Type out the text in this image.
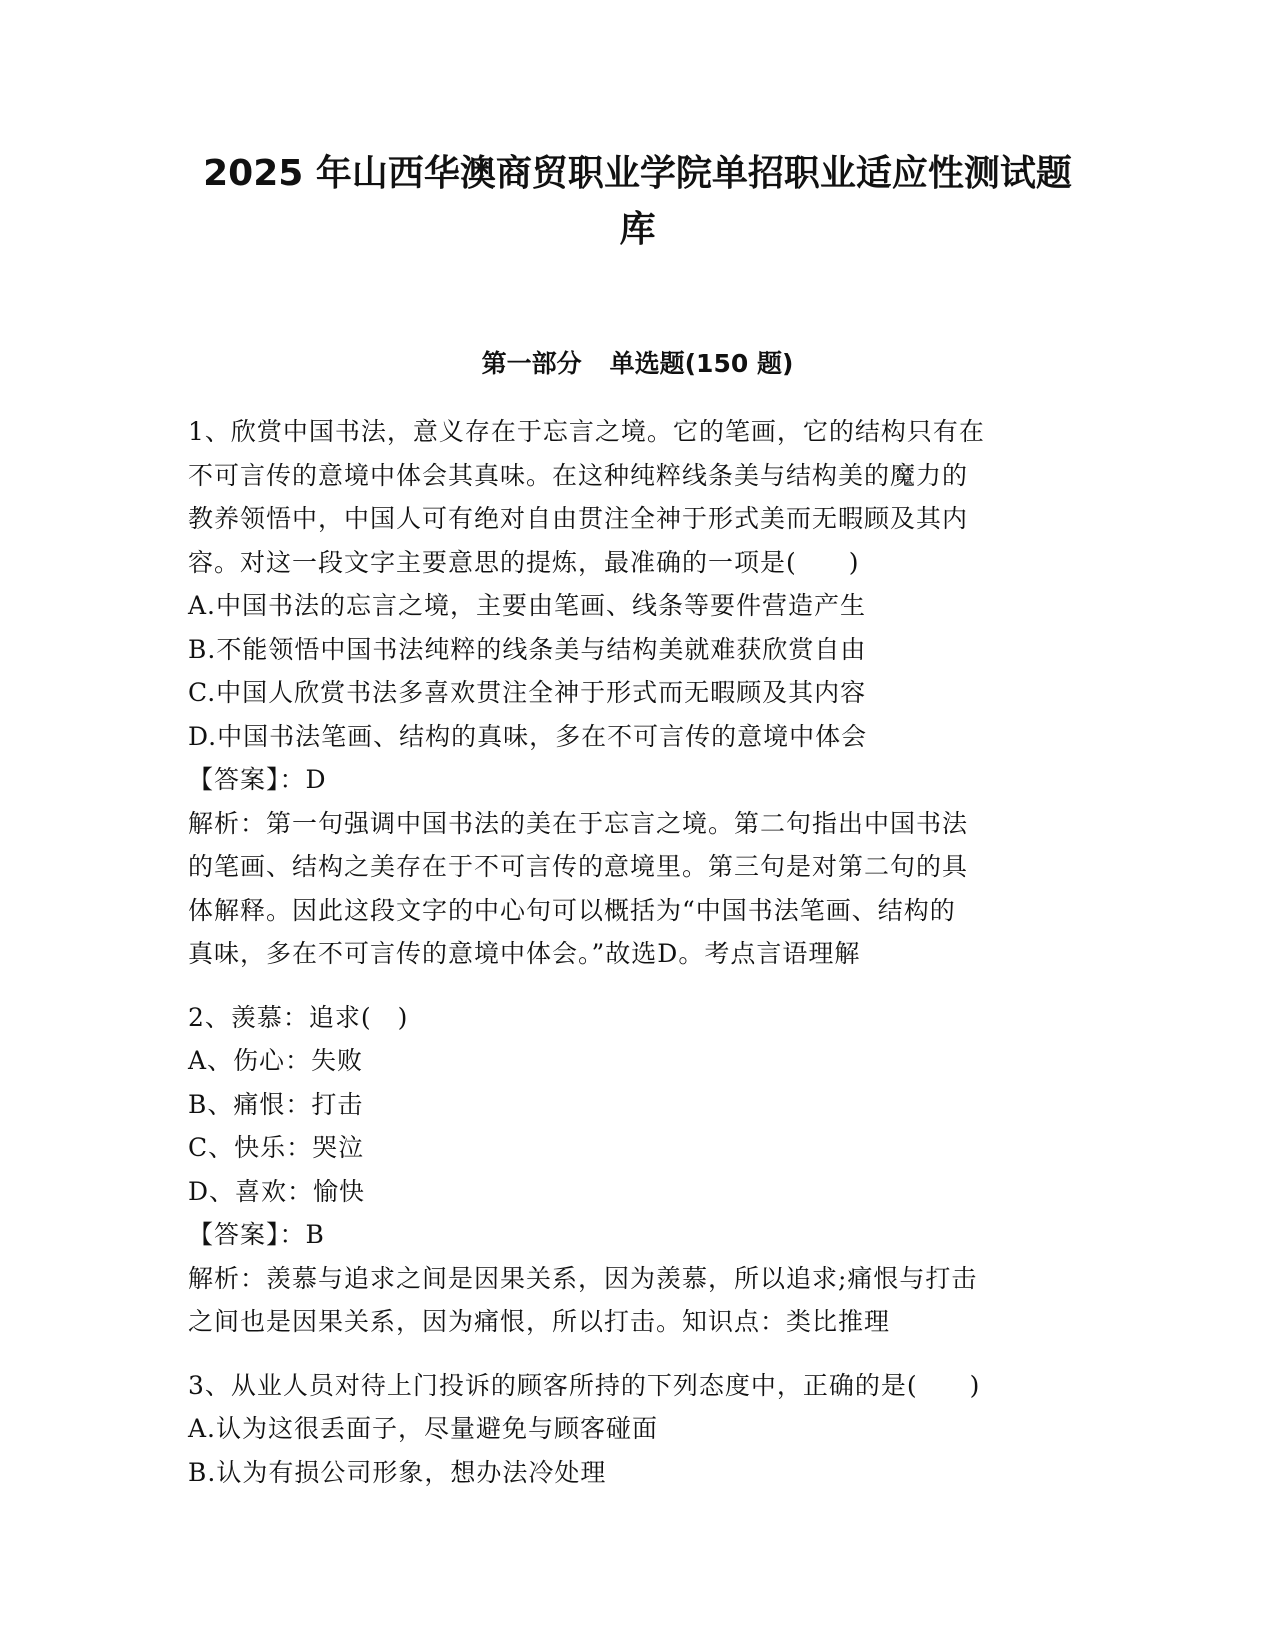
2025 年山西华澳商贸职业学院单招职业适应性测试题
库
第一部分 单选题(150 题)
1、欣赏中国书法，意义存在于忘言之境。它的笔画，它的结构只有在
不可言传的意境中体会其真味。在这种纯粹线条美与结构美的魔力的
教养领悟中，中国人可有绝对自由贯注全神于形式美而无暇顾及其内
容。对这一段文字主要意思的提炼，最准确的一项是(　　)
A.中国书法的忘言之境，主要由笔画、线条等要件营造产生
B.不能领悟中国书法纯粹的线条美与结构美就难获欣赏自由
C.中国人欣赏书法多喜欢贯注全神于形式而无暇顾及其内容
D.中国书法笔画、结构的真味，多在不可言传的意境中体会
【答案】：D
解析：第一句强调中国书法的美在于忘言之境。第二句指出中国书法
的笔画、结构之美存在于不可言传的意境里。第三句是对第二句的具
体解释。因此这段文字的中心句可以概括为“中国书法笔画、结构的
真味，多在不可言传的意境中体会。”故选D。考点言语理解
2、羡慕：追求(　)
A、伤心：失败
B、痛恨：打击
C、快乐：哭泣
D、喜欢：愉快
【答案】：B
解析：羡慕与追求之间是因果关系，因为羡慕，所以追求;痛恨与打击
之间也是因果关系，因为痛恨，所以打击。知识点：类比推理
3、从业人员对待上门投诉的顾客所持的下列态度中，正确的是(　　)
A.认为这很丢面子，尽量避免与顾客碰面
B.认为有损公司形象，想办法冷处理
